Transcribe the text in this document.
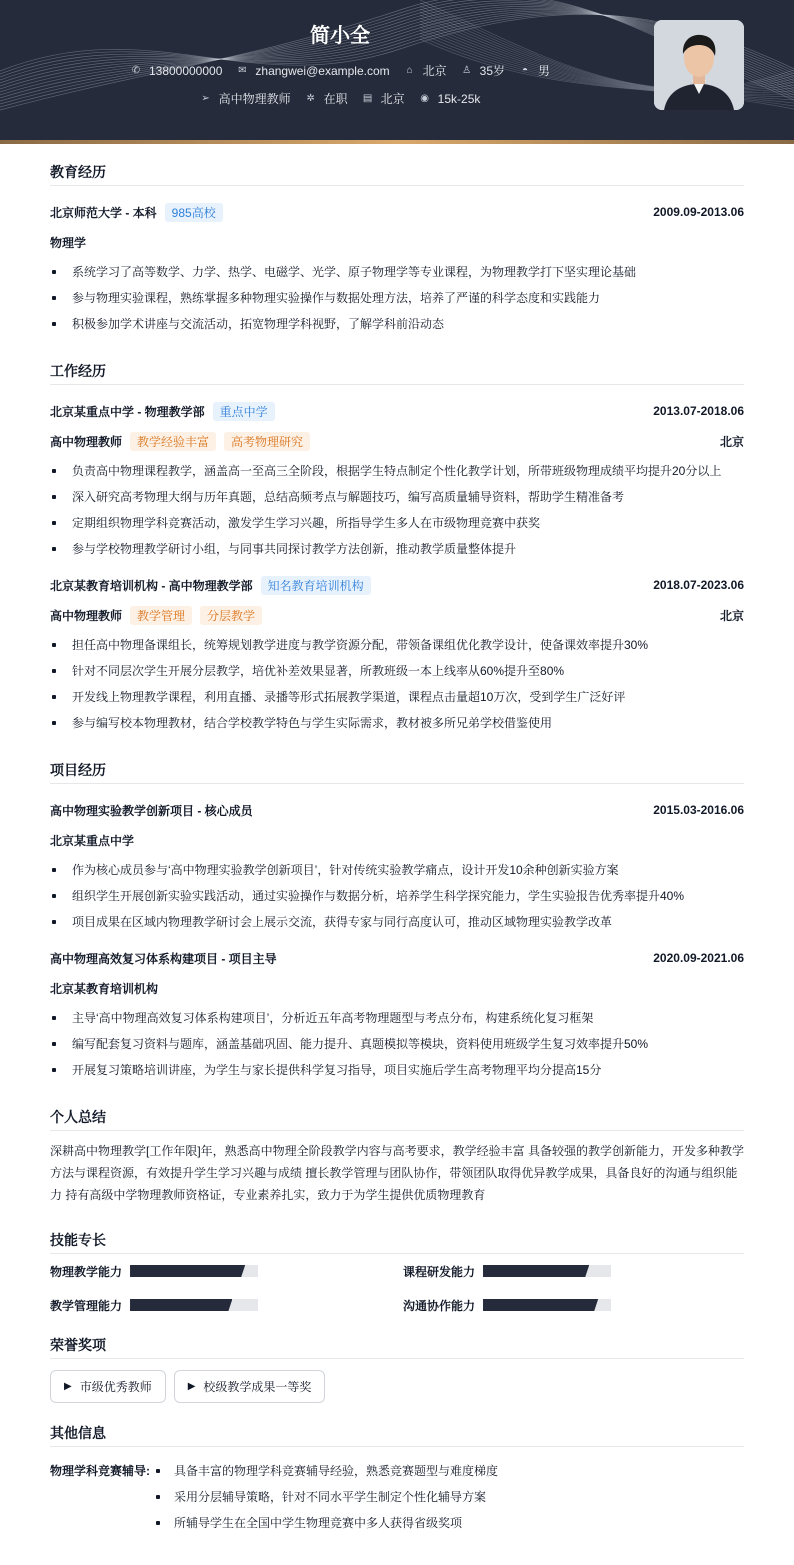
简小全
✆ 13800000000 ✉ zhangwei@example.com ⌂ 北京 ♙ 35岁 ◓ 男
➢ 高中物理教师 ✲ 在职 ▤ 北京 ◉ 15k-25k
教育经历
北京师范大学 - 本科	985高校	2009.09-2013.06
物理学
系统学习了高等数学、力学、热学、电磁学、光学、原子物理学等专业课程，为物理教学打下坚实理论基础
参与物理实验课程，熟练掌握多种物理实验操作与数据处理方法，培养了严谨的科学态度和实践能力
积极参加学术讲座与交流活动，拓宽物理学科视野，了解学科前沿动态
工作经历
北京某重点中学 - 物理教学部	重点中学	2013.07-2018.06
高中物理教师	教学经验丰富	高考物理研究	北京
负责高中物理课程教学，涵盖高一至高三全阶段，根据学生特点制定个性化教学计划，所带班级物理成绩平均提升20分以上
深入研究高考物理大纲与历年真题，总结高频考点与解题技巧，编写高质量辅导资料，帮助学生精准备考
定期组织物理学科竞赛活动，激发学生学习兴趣，所指导学生多人在市级物理竞赛中获奖
参与学校物理教学研讨小组，与同事共同探讨教学方法创新，推动教学质量整体提升
北京某教育培训机构 - 高中物理教学部	知名教育培训机构	2018.07-2023.06
高中物理教师	教学管理	分层教学	北京
担任高中物理备课组长，统筹规划教学进度与教学资源分配，带领备课组优化教学设计，使备课效率提升30%
针对不同层次学生开展分层教学，培优补差效果显著，所教班级一本上线率从60%提升至80%
开发线上物理教学课程，利用直播、录播等形式拓展教学渠道，课程点击量超10万次，受到学生广泛好评
参与编写校本物理教材，结合学校教学特色与学生实际需求，教材被多所兄弟学校借鉴使用
项目经历
高中物理实验教学创新项目 - 核心成员	2015.03-2016.06
北京某重点中学
作为核心成员参与‘高中物理实验教学创新项目’，针对传统实验教学痛点，设计开发10余种创新实验方案
组织学生开展创新实验实践活动，通过实验操作与数据分析，培养学生科学探究能力，学生实验报告优秀率提升40%
项目成果在区域内物理教学研讨会上展示交流，获得专家与同行高度认可，推动区域物理实验教学改革
高中物理高效复习体系构建项目 - 项目主导	2020.09-2021.06
北京某教育培训机构
主导‘高中物理高效复习体系构建项目’，分析近五年高考物理题型与考点分布，构建系统化复习框架
编写配套复习资料与题库，涵盖基础巩固、能力提升、真题模拟等模块，资料使用班级学生复习效率提升50%
开展复习策略培训讲座，为学生与家长提供科学复习指导，项目实施后学生高考物理平均分提高15分
个人总结
深耕高中物理教学[工作年限]年，熟悉高中物理全阶段教学内容与高考要求，教学经验丰富 具备较强的教学创新能力，开发多种教学方法与课程资源，有效提升学生学习兴趣与成绩 擅长教学管理与团队协作，带领团队取得优异教学成果，具备良好的沟通与组织能力 持有高级中学物理教师资格证，专业素养扎实，致力于为学生提供优质物理教育
技能专长
物理教学能力	课程研发能力
教学管理能力	沟通协作能力
荣誉奖项
▶ 市级优秀教师	▶ 校级教学成果一等奖
其他信息
物理学科竞赛辅导:	具备丰富的物理学科竞赛辅导经验，熟悉竞赛题型与难度梯度
采用分层辅导策略，针对不同水平学生制定个性化辅导方案
所辅导学生在全国中学生物理竞赛中多人获得省级奖项
